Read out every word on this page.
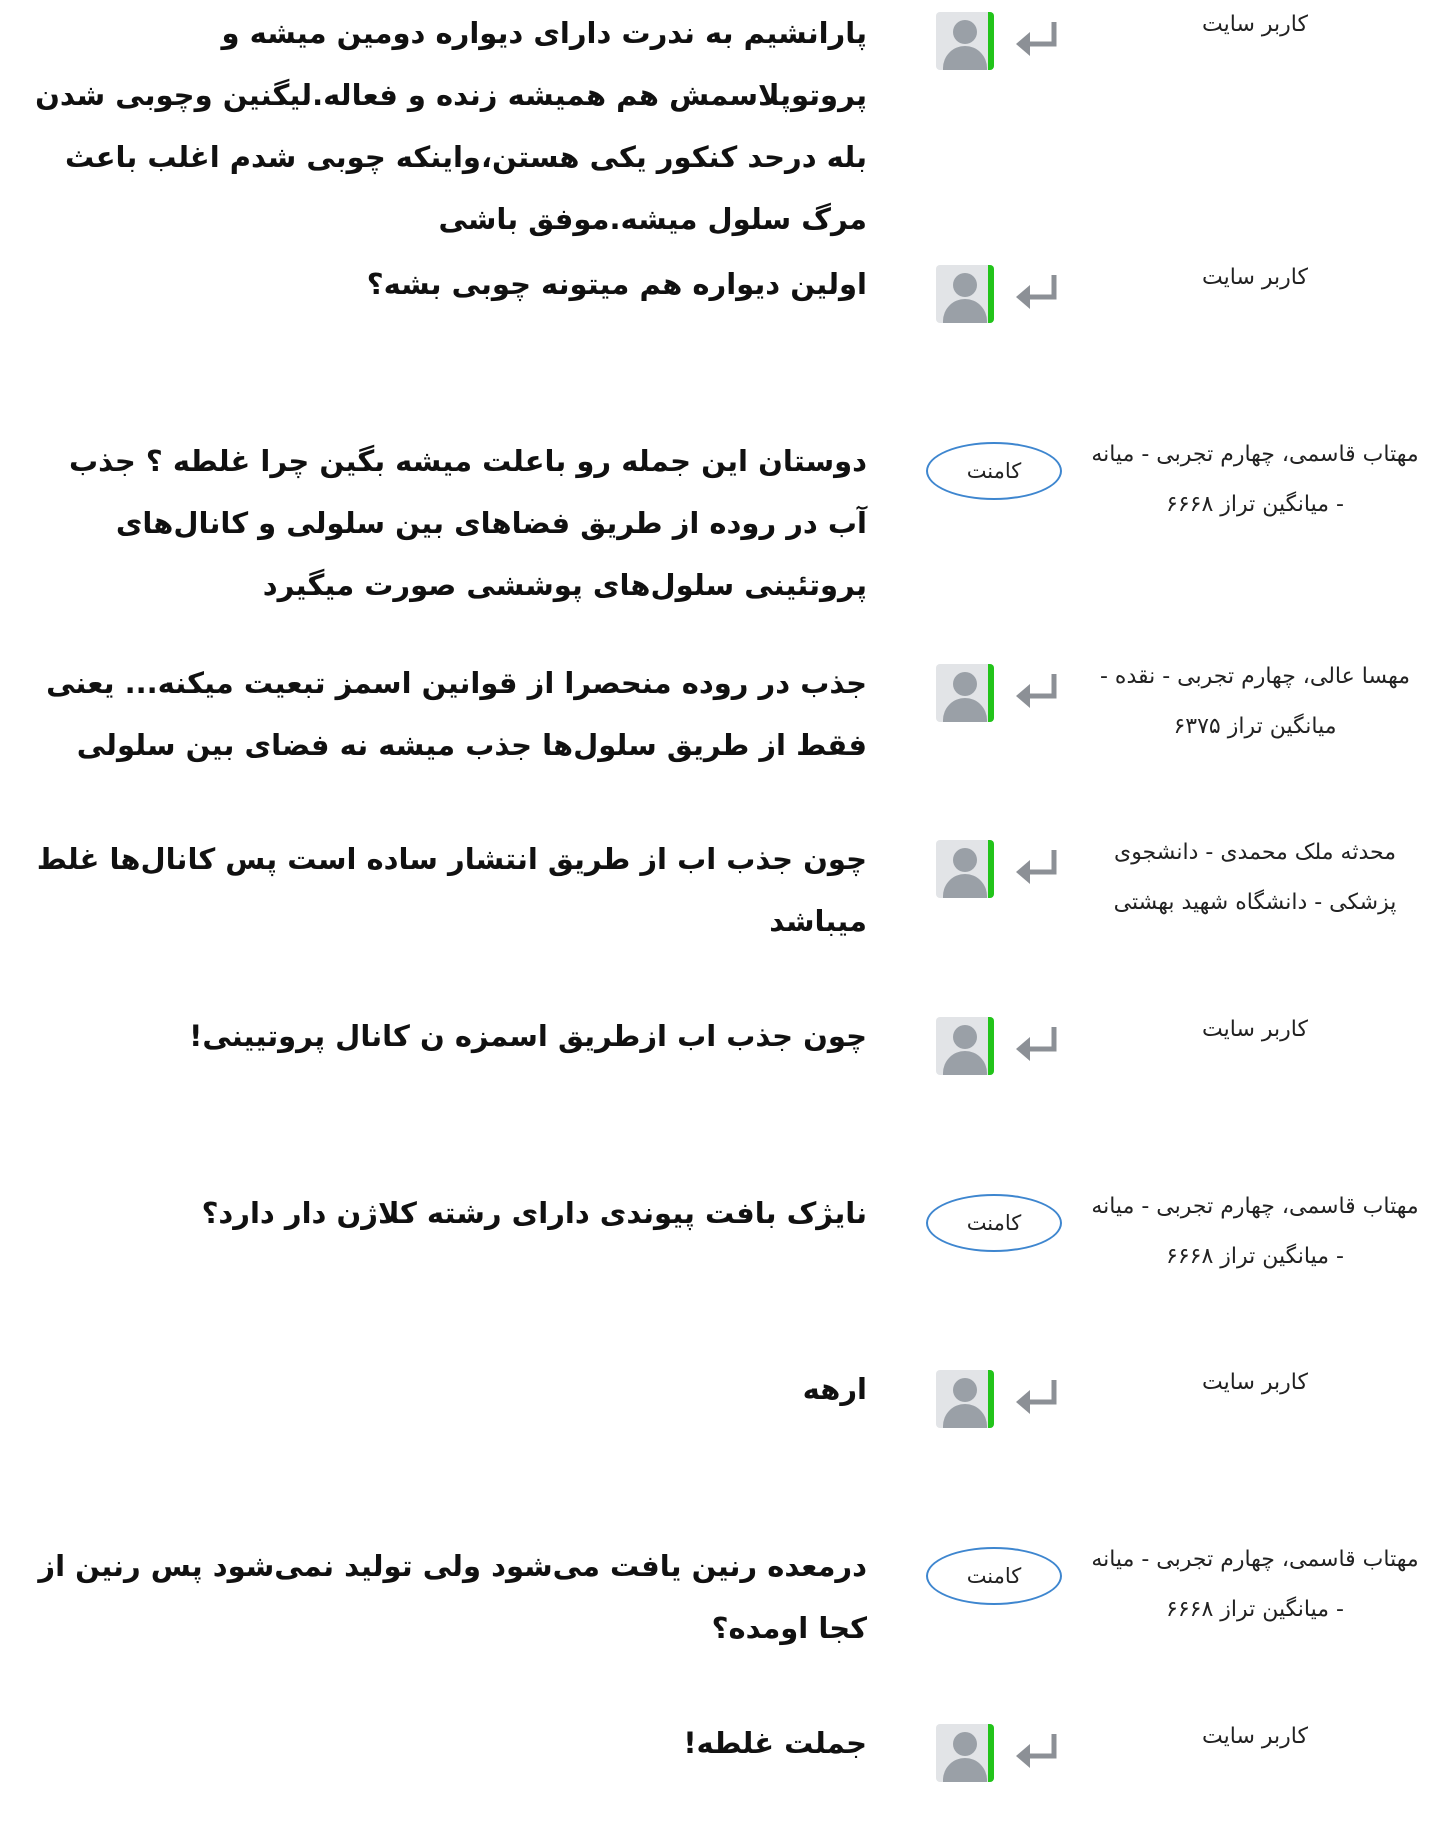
کاربر سایت
پارانشیم به ندرت دارای دیواره دومین میشه و پروتوپلاسمش هم همیشه زنده و فعاله.لیگنین وچوبی شدن بله درحد کنکور یکی هستن،واینکه چوبی شدم اغلب باعث مرگ سلول میشه.موفق باشی
کاربر سایت
اولین دیواره هم میتونه چوبی بشه؟
مهتاب قاسمی، چهارم تجربی - میانه - میانگین تراز ۶۶۶۸
کامنت
دوستان این جمله رو باعلت میشه بگین چرا غلطه ؟ جذب آب در روده از طریق فضاهای بین سلولی و کانال‌های پروتئینی سلول‌های پوششی صورت میگیرد
مهسا عالی، چهارم تجربی - نقده - میانگین تراز ۶۳۷۵
جذب در روده منحصرا از قوانین اسمز تبعیت میکنه... یعنی فقط از طریق سلول‌ها جذب میشه نه فضای بین سلولی
محدثه ملک محمدی - دانشجوی پزشکی - دانشگاه شهید بهشتی
چون جذب اب از طریق انتشار ساده است پس کانال‌ها غلط میباشد
کاربر سایت
چون جذب اب ازطریق اسمزه ن کانال پروتیینی!
مهتاب قاسمی، چهارم تجربی - میانه - میانگین تراز ۶۶۶۸
کامنت
نایژک بافت پیوندی دارای رشته کلاژن دار دارد؟
کاربر سایت
ارهه
مهتاب قاسمی، چهارم تجربی - میانه - میانگین تراز ۶۶۶۸
کامنت
درمعده رنین یافت می‌شود ولی تولید نمی‌شود پس رنین از کجا اومده؟
کاربر سایت
جملت غلطه!
